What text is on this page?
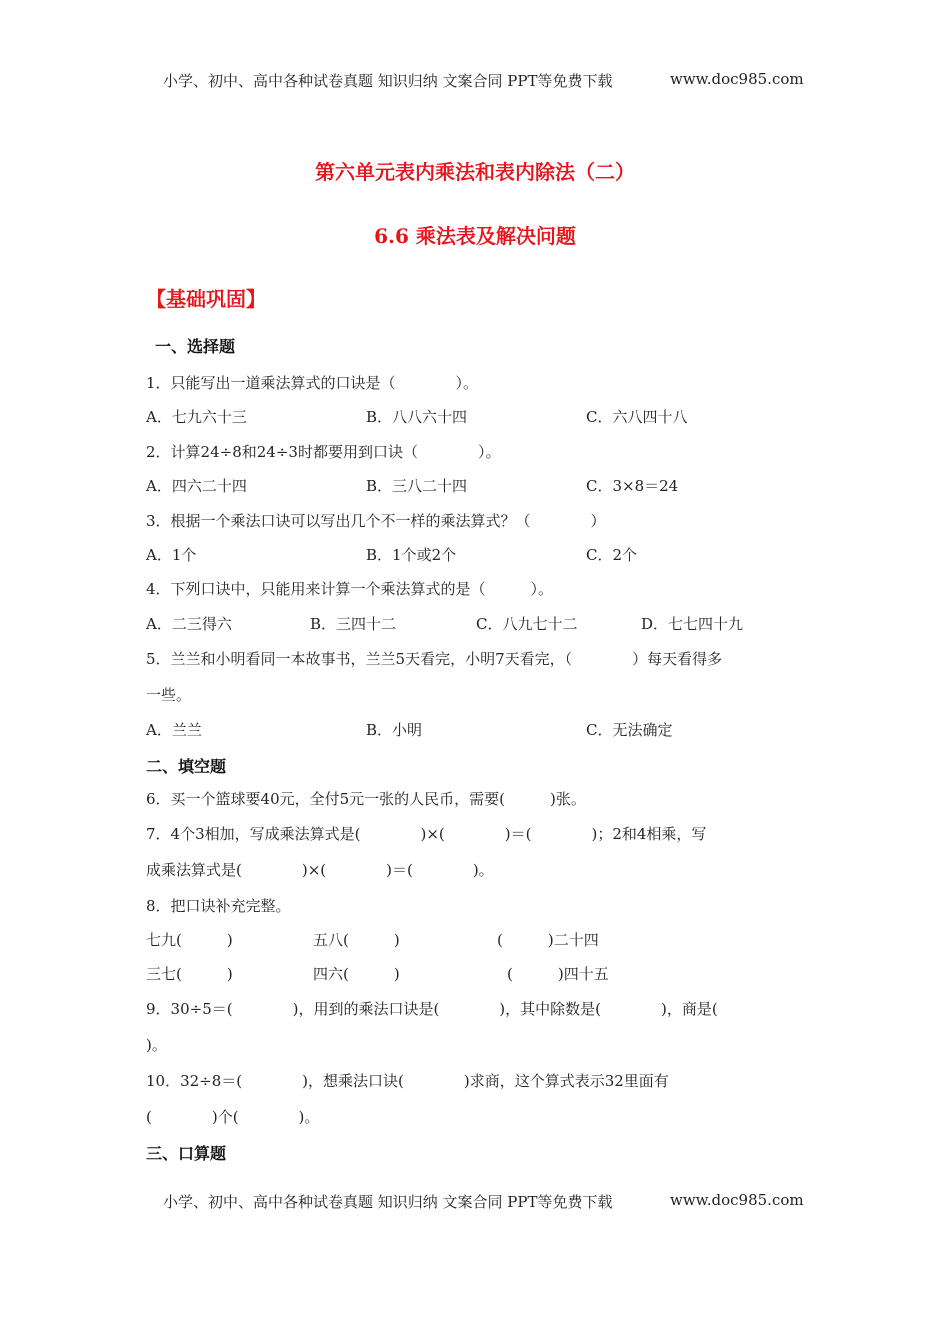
小学、初中、高中各种试卷真题 知识归纳 文案合同 PPT等免费下载	www.doc985.com
第六单元表内乘法和表内除法（二）
6.6 乘法表及解决问题
【基础巩固】
一、选择题
1．只能写出一道乘法算式的口诀是（　　　　）。
A．七九六十三	B．八八六十四	C．六八四十八
2．计算24÷8和24÷3时都要用到口诀（　　　　）。
A．四六二十四	B．三八二十四	C．3×8＝24
3．根据一个乘法口诀可以写出几个不一样的乘法算式？（　　　　）
A．1个	B．1个或2个	C．2个
4．下列口诀中，只能用来计算一个乘法算式的是（　　　）。
A．二三得六	B．三四十二	C．八九七十二	D．七七四十九
5．兰兰和小明看同一本故事书，兰兰5天看完，小明7天看完，（　　　　）每天看得多
一些。
A．兰兰	B．小明	C．无法确定
二、填空题
6．买一个篮球要40元，全付5元一张的人民币，需要(　　　)张。
7．4个3相加，写成乘法算式是(　　　　)×(　　　　)＝(　　　　)；2和4相乘，写
成乘法算式是(　　　　)×(　　　　)＝(　　　　)。
8．把口诀补充完整。
七九(　　　)	五八(　　　)	(　　　)二十四
三七(　　　)	四六(　　　)	(　　　)四十五
9．30÷5＝(　　　　)，用到的乘法口诀是(　　　　)，其中除数是(　　　　)，商是(
)。
10．32÷8＝(　　　　)，想乘法口诀(　　　　)求商，这个算式表示32里面有
(　　　　)个(　　　　)。
三、口算题
小学、初中、高中各种试卷真题 知识归纳 文案合同 PPT等免费下载	www.doc985.com
